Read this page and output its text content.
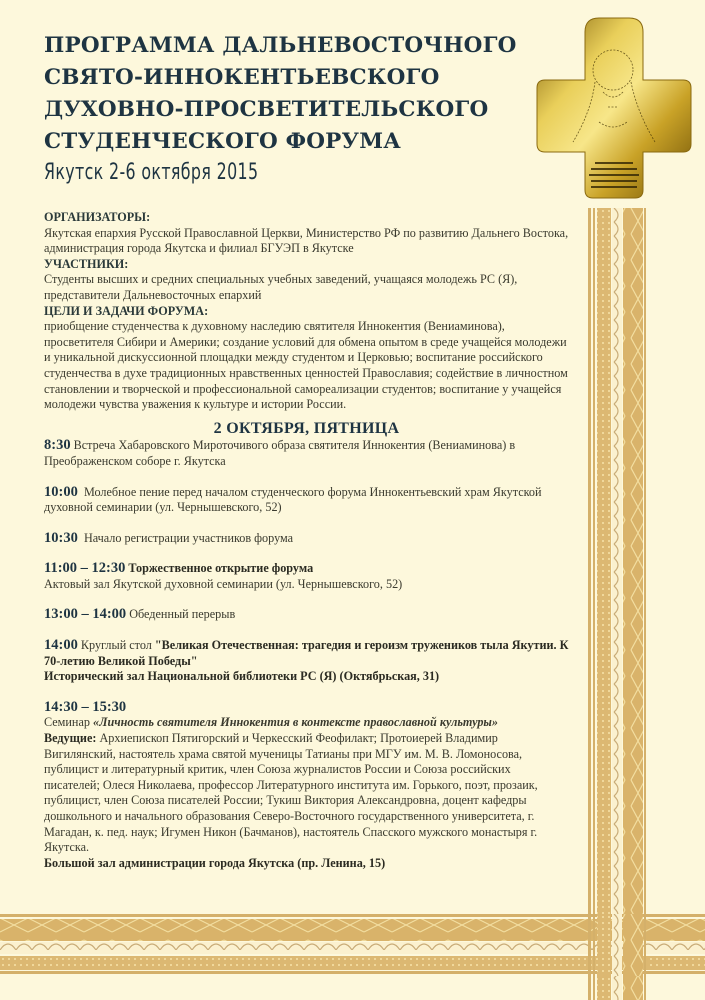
ПРОГРАММА ДАЛЬНЕВОСТОЧНОГО
СВЯТО-ИННОКЕНТЬЕВСКОГО
ДУХОВНО-ПРОСВЕТИТЕЛЬСКОГО
СТУДЕНЧЕСКОГО ФОРУМА
Якутск 2-6 октября 2015
ОРГАНИЗАТОРЫ:

Якутская епархия Русской Православной Церкви, Министерство РФ по развитию Дальнего Востока, администрация города Якутска и филиал БГУЭП в Якутске

УЧАСТНИКИ:

Студенты высших и средних специальных учебных заведений, учащаяся молодежь РС (Я), представители Дальневосточных епархий

ЦЕЛИ И ЗАДАЧИ ФОРУМА:

приобщение студенчества к духовному наследию святителя Иннокентия (Вениаминова), просветителя Сибири и Америки; создание условий для обмена опытом в среде учащейся молодежи и уникальной дискуссионной площадки между студентом и Церковью; воспитание российского студенчества в духе традиционных нравственных ценностей Православия; содействие в личностном становлении и творческой и профессиональной самореализации студентов; воспитание у учащейся молодежи чувства уважения к культуре и истории России.

2 ОКТЯБРЯ, ПЯТНИЦА
8:30 Встреча Хабаровского Мироточивого образа святителя Иннокентия (Вениаминова) в Преображенском соборе г. Якутска
10:00 Молебное пение перед началом студенческого форума Иннокентьевский храм Якутской духовной семинарии (ул. Чернышевского, 52)
10:30 Начало регистрации участников форума
11:00 – 12:30 Торжественное открытие форума
Актовый зал Якутской духовной семинарии (ул. Чернышевского, 52)
13:00 – 14:00 Обеденный перерыв
14:00 Круглый стол "Великая Отечественная: трагедия и героизм тружеников тыла Якутии. К 70-летию Великой Победы"
Исторический зал Национальной библиотеки РС (Я) (Октябрьская, 31)
14:30 – 15:30
Семинар «Личность святителя Иннокентия в контексте православной культуры»
Ведущие: Архиепископ Пятигорский и Черкесский Феофилакт; Протоиерей Владимир Вигилянский, настоятель храма святой мученицы Татианы при МГУ им. М. В. Ломоносова, публицист и литературный критик, член Союза журналистов России и Союза российских писателей; Олеся Николаева, профессор Литературного института им. Горького, поэт, прозаик, публицист, член Союза писателей России; Тукиш Виктория Александровна, доцент кафедры дошкольного и начального образования Северо-Восточного государственного университета, г. Магадан, к. пед. наук; Игумен Никон (Бачманов), настоятель Спасского мужского монастыря г. Якутска.
Большой зал администрации города Якутска (пр. Ленина, 15)
